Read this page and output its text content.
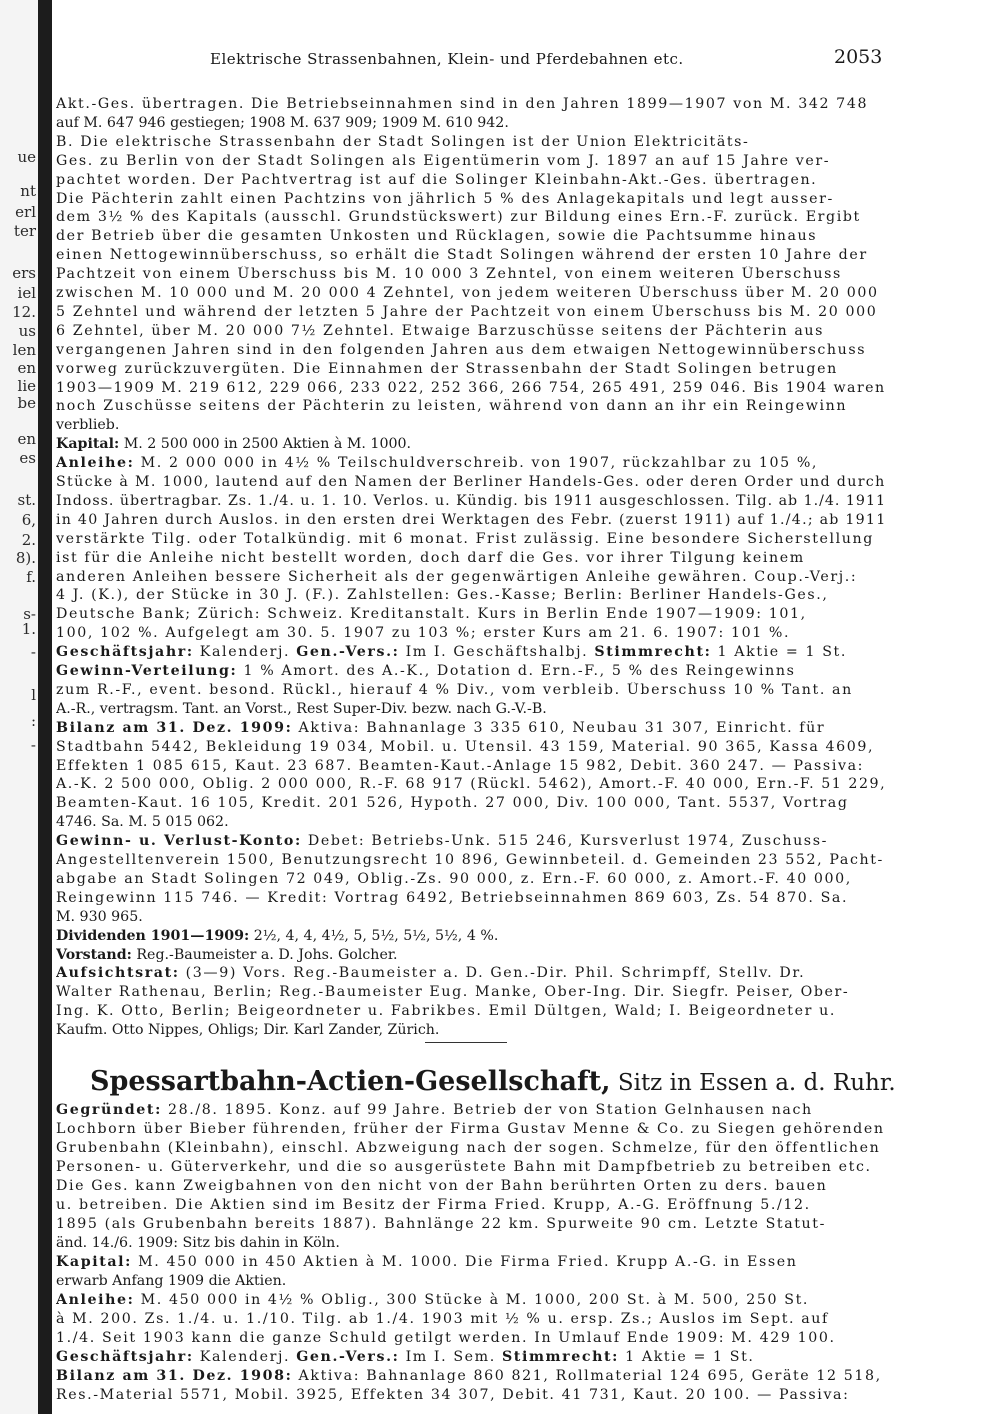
Elektrische Strassenbahnen, Klein- und Pferdebahnen etc.	2053
Akt.-Ges. übertragen. Die Betriebseinnahmen sind in den Jahren 1899—1907 von M. 342 748
auf M. 647 946 gestiegen; 1908 M. 637 909; 1909 M. 610 942.
B. Die elektrische Strassenbahn der Stadt Solingen ist der Union Elektricitäts-
Ges. zu Berlin von der Stadt Solingen als Eigentümerin vom J. 1897 an auf 15 Jahre ver-
pachtet worden. Der Pachtvertrag ist auf die Solinger Kleinbahn-Akt.-Ges. übertragen.
Die Pächterin zahlt einen Pachtzins von jährlich 5 % des Anlagekapitals und legt ausser-
dem 3½ % des Kapitals (ausschl. Grundstückswert) zur Bildung eines Ern.-F. zurück. Ergibt
der Betrieb über die gesamten Unkosten und Rücklagen, sowie die Pachtsumme hinaus
einen Nettogewinnüberschuss, so erhält die Stadt Solingen während der ersten 10 Jahre der
Pachtzeit von einem Überschuss bis M. 10 000 3 Zehntel, von einem weiteren Überschuss
zwischen M. 10 000 und M. 20 000 4 Zehntel, von jedem weiteren Überschuss über M. 20 000
5 Zehntel und während der letzten 5 Jahre der Pachtzeit von einem Überschuss bis M. 20 000
6 Zehntel, über M. 20 000 7½ Zehntel. Etwaige Barzuschüsse seitens der Pächterin aus
vergangenen Jahren sind in den folgenden Jahren aus dem etwaigen Nettogewinnüberschuss
vorweg zurückzuvergüten. Die Einnahmen der Strassenbahn der Stadt Solingen betrugen
1903—1909 M. 219 612, 229 066, 233 022, 252 366, 266 754, 265 491, 259 046. Bis 1904 waren
noch Zuschüsse seitens der Pächterin zu leisten, während von dann an ihr ein Reingewinn
verblieb.
Kapital: M. 2 500 000 in 2500 Aktien à M. 1000.
Anleihe: M. 2 000 000 in 4½ % Teilschuldverschreib. von 1907, rückzahlbar zu 105 %,
Stücke à M. 1000, lautend auf den Namen der Berliner Handels-Ges. oder deren Order und durch
Indoss. übertragbar. Zs. 1./4. u. 1. 10. Verlos. u. Kündig. bis 1911 ausgeschlossen. Tilg. ab 1./4. 1911
in 40 Jahren durch Auslos. in den ersten drei Werktagen des Febr. (zuerst 1911) auf 1./4.; ab 1911
verstärkte Tilg. oder Totalkündig. mit 6 monat. Frist zulässig. Eine besondere Sicherstellung
ist für die Anleihe nicht bestellt worden, doch darf die Ges. vor ihrer Tilgung keinem
anderen Anleihen bessere Sicherheit als der gegenwärtigen Anleihe gewähren. Coup.-Verj.:
4 J. (K.), der Stücke in 30 J. (F.). Zahlstellen: Ges.-Kasse; Berlin: Berliner Handels-Ges.,
Deutsche Bank; Zürich: Schweiz. Kreditanstalt. Kurs in Berlin Ende 1907—1909: 101,
100, 102 %. Aufgelegt am 30. 5. 1907 zu 103 %; erster Kurs am 21. 6. 1907: 101 %.
Geschäftsjahr: Kalenderj. Gen.-Vers.: Im I. Geschäftshalbj. Stimmrecht: 1 Aktie = 1 St.
Gewinn-Verteilung: 1 % Amort. des A.-K., Dotation d. Ern.-F., 5 % des Reingewinns
zum R.-F., event. besond. Rückl., hierauf 4 % Div., vom verbleib. Überschuss 10 % Tant. an
A.-R., vertragsm. Tant. an Vorst., Rest Super-Div. bezw. nach G.-V.-B.
Bilanz am 31. Dez. 1909: Aktiva: Bahnanlage 3 335 610, Neubau 31 307, Einricht. für
Stadtbahn 5442, Bekleidung 19 034, Mobil. u. Utensil. 43 159, Material. 90 365, Kassa 4609,
Effekten 1 085 615, Kaut. 23 687. Beamten-Kaut.-Anlage 15 982, Debit. 360 247. — Passiva:
A.-K. 2 500 000, Oblig. 2 000 000, R.-F. 68 917 (Rückl. 5462), Amort.-F. 40 000, Ern.-F. 51 229,
Beamten-Kaut. 16 105, Kredit. 201 526, Hypoth. 27 000, Div. 100 000, Tant. 5537, Vortrag
4746. Sa. M. 5 015 062.
Gewinn- u. Verlust-Konto: Debet: Betriebs-Unk. 515 246, Kursverlust 1974, Zuschuss-
Angestelltenverein 1500, Benutzungsrecht 10 896, Gewinnbeteil. d. Gemeinden 23 552, Pacht-
abgabe an Stadt Solingen 72 049, Oblig.-Zs. 90 000, z. Ern.-F. 60 000, z. Amort.-F. 40 000,
Reingewinn 115 746. — Kredit: Vortrag 6492, Betriebseinnahmen 869 603, Zs. 54 870. Sa.
M. 930 965.
Dividenden 1901—1909: 2½, 4, 4, 4½, 5, 5½, 5½, 5½, 4 %.
Vorstand: Reg.-Baumeister a. D. Johs. Golcher.
Aufsichtsrat: (3—9) Vors. Reg.-Baumeister a. D. Gen.-Dir. Phil. Schrimpff, Stellv. Dr.
Walter Rathenau, Berlin; Reg.-Baumeister Eug. Manke, Ober-Ing. Dir. Siegfr. Peiser, Ober-
Ing. K. Otto, Berlin; Beigeordneter u. Fabrikbes. Emil Dültgen, Wald; I. Beigeordneter u.
Kaufm. Otto Nippes, Ohligs; Dir. Karl Zander, Zürich.
Spessartbahn-Actien-Gesellschaft, Sitz in Essen a. d. Ruhr.
Gegründet: 28./8. 1895. Konz. auf 99 Jahre. Betrieb der von Station Gelnhausen nach
Lochborn über Bieber führenden, früher der Firma Gustav Menne & Co. zu Siegen gehörenden
Grubenbahn (Kleinbahn), einschl. Abzweigung nach der sogen. Schmelze, für den öffentlichen
Personen- u. Güterverkehr, und die so ausgerüstete Bahn mit Dampfbetrieb zu betreiben etc.
Die Ges. kann Zweigbahnen von den nicht von der Bahn berührten Orten zu ders. bauen
u. betreiben. Die Aktien sind im Besitz der Firma Fried. Krupp, A.-G. Eröffnung 5./12.
1895 (als Grubenbahn bereits 1887). Bahnlänge 22 km. Spurweite 90 cm. Letzte Statut-
änd. 14./6. 1909: Sitz bis dahin in Köln.
Kapital: M. 450 000 in 450 Aktien à M. 1000. Die Firma Fried. Krupp A.-G. in Essen
erwarb Anfang 1909 die Aktien.
Anleihe: M. 450 000 in 4½ % Oblig., 300 Stücke à M. 1000, 200 St. à M. 500, 250 St.
à M. 200. Zs. 1./4. u. 1./10. Tilg. ab 1./4. 1903 mit ½ % u. ersp. Zs.; Auslos im Sept. auf
1./4. Seit 1903 kann die ganze Schuld getilgt werden. In Umlauf Ende 1909: M. 429 100.
Geschäftsjahr: Kalenderj. Gen.-Vers.: Im I. Sem. Stimmrecht: 1 Aktie = 1 St.
Bilanz am 31. Dez. 1908: Aktiva: Bahnanlage 860 821, Rollmaterial 124 695, Geräte 12 518,
Res.-Material 5571, Mobil. 3925, Effekten 34 307, Debit. 41 731, Kaut. 20 100. — Passiva:
ue
nt
erl
ter
ers
iel
12.
us
len
en
lie
be
en
es
st.
6,
2.
8).
f.
s-
1.
-
l
:
-
